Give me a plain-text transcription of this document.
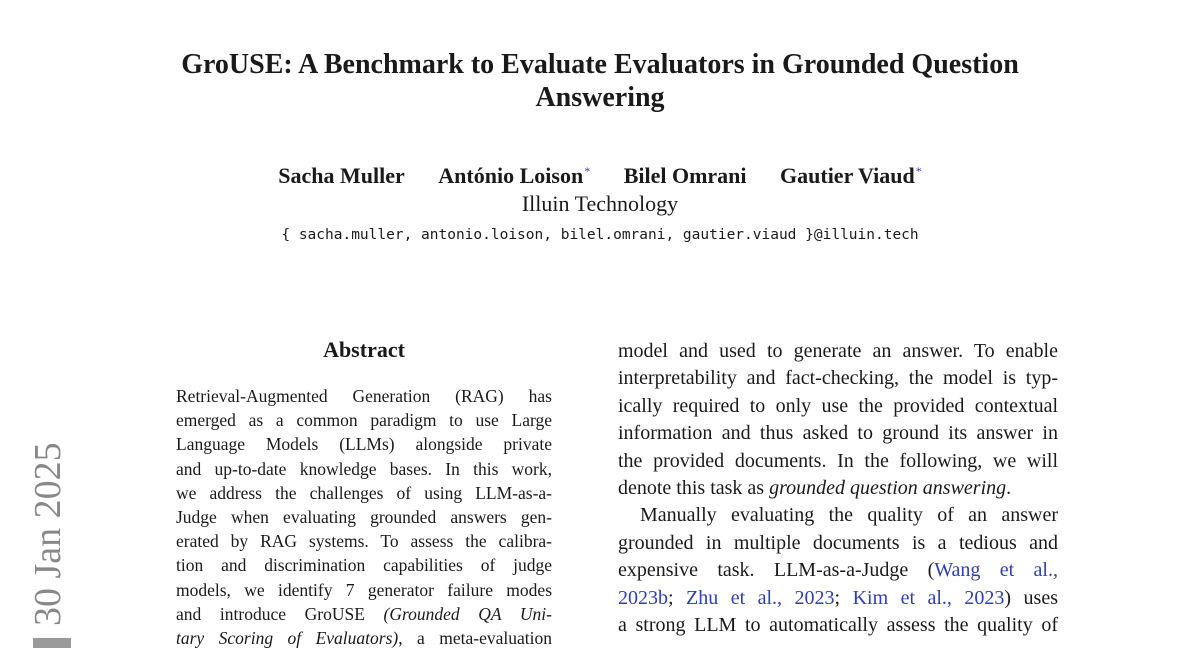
GroUSE: A Benchmark to Evaluate Evaluators in Grounded Question
Answering
Sacha Muller António Loison* Bilel Omrani Gautier Viaud*
Illuin Technology
{ sacha.muller, antonio.loison, bilel.omrani, gautier.viaud }@illuin.tech
30 Jan 2025
Abstract
Retrieval-Augmented Generation (RAG) has
emerged as a common paradigm to use Large
Language Models (LLMs) alongside private
and up-to-date knowledge bases. In this work,
we address the challenges of using LLM-as-a-
Judge when evaluating grounded answers gen-
erated by RAG systems. To assess the calibra-
tion and discrimination capabilities of judge
models, we identify 7 generator failure modes
and introduce GroUSE (Grounded QA Uni-
tary Scoring of Evaluators), a meta-evaluation
model and used to generate an answer. To enable
interpretability and fact-checking, the model is typ-
ically required to only use the provided contextual
information and thus asked to ground its answer in
the provided documents. In the following, we will
denote this task as grounded question answering.
Manually evaluating the quality of an answer
grounded in multiple documents is a tedious and
expensive task. LLM-as-a-Judge (Wang et al.,
2023b; Zhu et al., 2023; Kim et al., 2023) uses
a strong LLM to automatically assess the quality of
